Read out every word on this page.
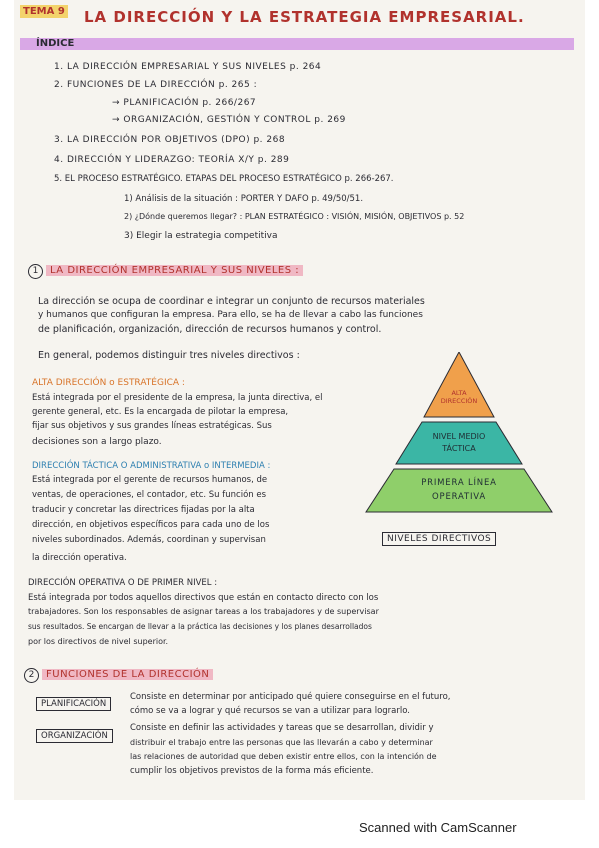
TEMA 9 LA DIRECCIÓN Y LA ESTRATEGIA EMPRESARIAL.
ÍNDICE
1. LA DIRECCIÓN EMPRESARIAL Y SUS NIVELES p. 264
2. FUNCIONES DE LA DIRECCIÓN p. 265 :
→ PLANIFICACIÓN p. 266/267
→ ORGANIZACIÓN, GESTIÓN Y CONTROL p. 269
3. LA DIRECCIÓN POR OBJETIVOS (DPO) p. 268
4. DIRECCIÓN Y LIDERAZGO: TEORÍA X/Y p. 289
5. EL PROCESO ESTRATÉGICO. ETAPAS DEL PROCESO ESTRATÉGICO p. 266-267.
1) Análisis de la situación : PORTER Y DAFO p. 49/50/51.
2) ¿Dónde queremos llegar? : PLAN ESTRATÉGICO : VISIÓN, MISIÓN, OBJETIVOS p. 52
3) Elegir la estrategia competitiva
1	LA DIRECCIÓN EMPRESARIAL Y SUS NIVELES :
La dirección se ocupa de coordinar e integrar un conjunto de recursos materiales
y humanos que configuran la empresa. Para ello, se ha de llevar a cabo las funciones
de planificación, organización, dirección de recursos humanos y control.
En general, podemos distinguir tres niveles directivos :
ALTA DIRECCIÓN o ESTRATÉGICA :
Está integrada por el presidente de la empresa, la junta directiva, el
gerente general, etc. Es la encargada de pilotar la empresa,
fijar sus objetivos y sus grandes líneas estratégicas. Sus
decisiones son a largo plazo.
DIRECCIÓN TÁCTICA O ADMINISTRATIVA o INTERMEDIA :
Está integrada por el gerente de recursos humanos, de
ventas, de operaciones, el contador, etc. Su función es
traducir y concretar las directrices fijadas por la alta
dirección, en objetivos específicos para cada uno de los
niveles subordinados. Además, coordinan y supervisan
la dirección operativa.
ALTA
DIRECCIÓN
NIVEL MEDIO
TÁCTICA
PRIMERA LÍNEA
OPERATIVA
NIVELES DIRECTIVOS
DIRECCIÓN OPERATIVA O DE PRIMER NIVEL :
Está integrada por todos aquellos directivos que están en contacto directo con los
trabajadores. Son los responsables de asignar tareas a los trabajadores y de supervisar
sus resultados. Se encargan de llevar a la práctica las decisiones y los planes desarrollados
por los directivos de nivel superior.
2	FUNCIONES DE LA DIRECCIÓN
PLANIFICACIÓN
Consiste en determinar por anticipado qué quiere conseguirse en el futuro,
cómo se va a lograr y qué recursos se van a utilizar para lograrlo.
ORGANIZACIÓN
Consiste en definir las actividades y tareas que se desarrollan, dividir y
distribuir el trabajo entre las personas que las llevarán a cabo y determinar
las relaciones de autoridad que deben existir entre ellos, con la intención de
cumplir los objetivos previstos de la forma más eficiente.
Scanned with CamScanner
